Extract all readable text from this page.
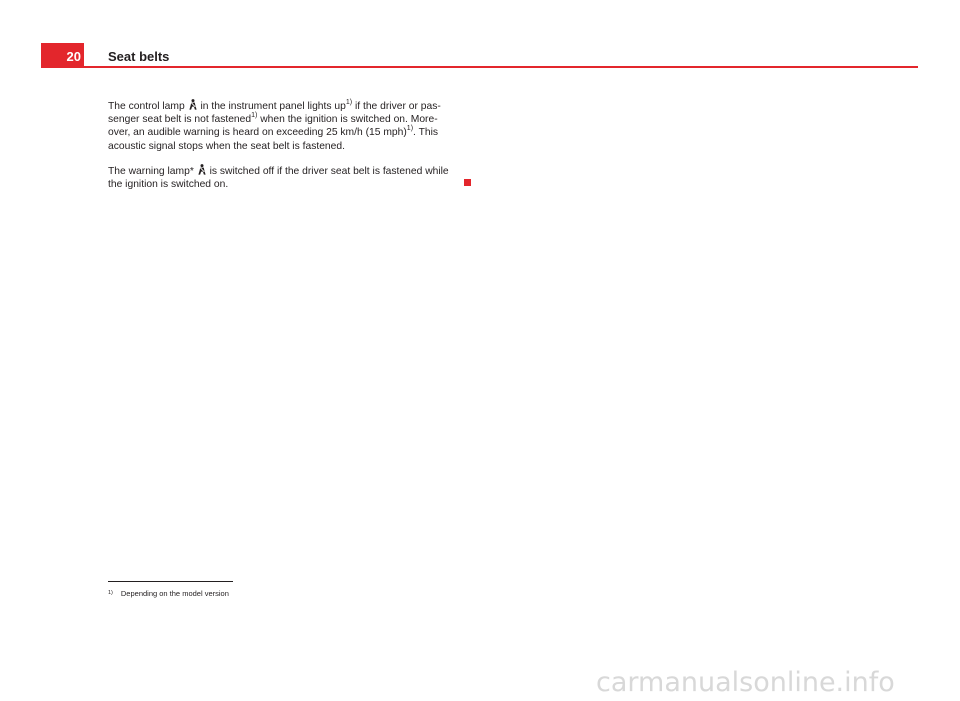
20 Seat belts

The control lamp in the instrument panel lights $up^{1)}$ if the driver or pas-

senger seat belt is not fastened$^{1)}$ when the ignition is switched on. More-

over, an audible warning is heard on exceeding 25 km/h (15 mph)$^{1)}$. This

acoustic signal stops when the seat belt is fastened.

The warning lamp* is switched off if the driver seat belt is fastened while

the ignition is switched on.

$^{1)}$ Depending on the model version
carmanualsonline.info
